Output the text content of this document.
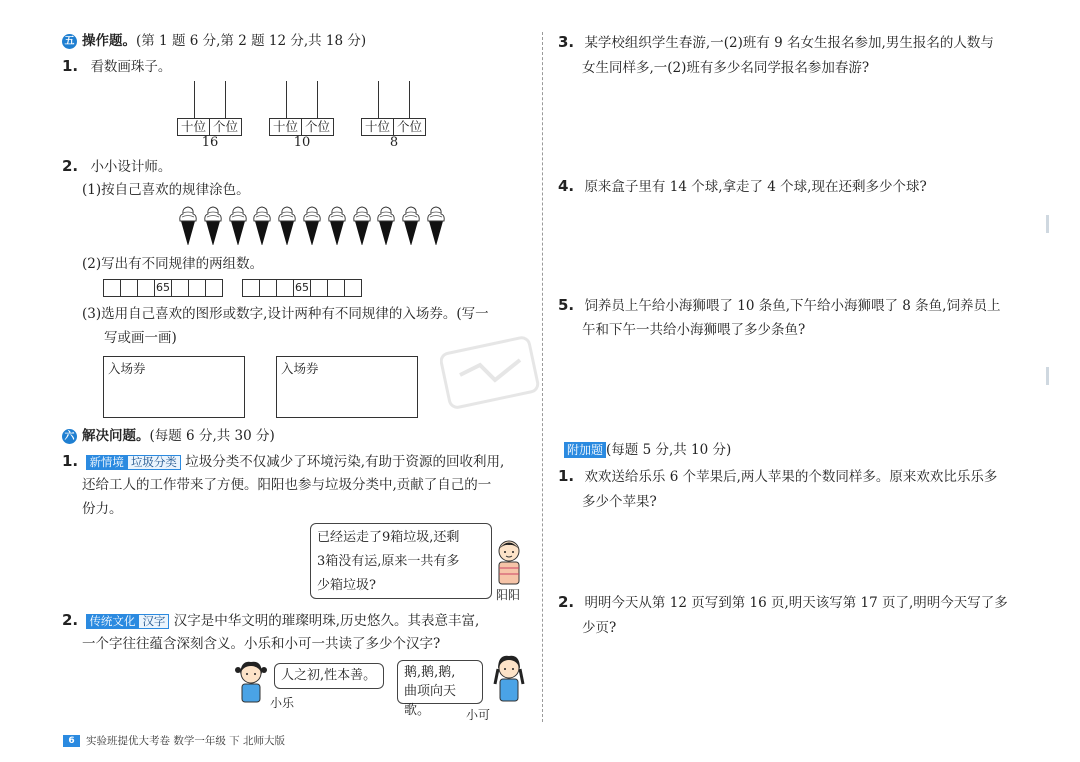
五 操作题。(第 1 题 6 分,第 2 题 12 分,共 18 分)
1. 看数画珠子。
十位 个位
16
十位 个位
10
十位 个位
8
2. 小小设计师。
(1)按自己喜欢的规律涂色。
(2)写出有不同规律的两组数。
65	65
(3)选用自己喜欢的图形或数字,设计两种有不同规律的入场券。(写一
写或画一画)
入场券	入场券
六 解决问题。(每题 6 分,共 30 分)
1. 新情境 垃圾分类 垃圾分类不仅减少了环境污染,有助于资源的回收利用,
还给工人的工作带来了方便。阳阳也参与垃圾分类中,贡献了自己的一
份力。
已经运走了9箱垃圾,还剩
3箱没有运,原来一共有多
少箱垃圾?
阳阳
2. 传统文化 汉字 汉字是中华文明的璀璨明珠,历史悠久。其表意丰富,
一个字往往蕴含深刻含义。小乐和小可一共读了多少个汉字?
人之初,性本善。
小乐
鹅,鹅,鹅,
曲项向天歌。	小可
6	实验班提优大考卷 数学一年级 下 北师大版
3. 某学校组织学生春游,一(2)班有 9 名女生报名参加,男生报名的人数与
女生同样多,一(2)班有多少名同学报名参加春游?
4. 原来盒子里有 14 个球,拿走了 4 个球,现在还剩多少个球?
5. 饲养员上午给小海狮喂了 10 条鱼,下午给小海狮喂了 8 条鱼,饲养员上
午和下午一共给小海狮喂了多少条鱼?
附加题 (每题 5 分,共 10 分)
1. 欢欢送给乐乐 6 个苹果后,两人苹果的个数同样多。原来欢欢比乐乐多
多少个苹果?
2. 明明今天从第 12 页写到第 16 页,明天该写第 17 页了,明明今天写了多
少页?
